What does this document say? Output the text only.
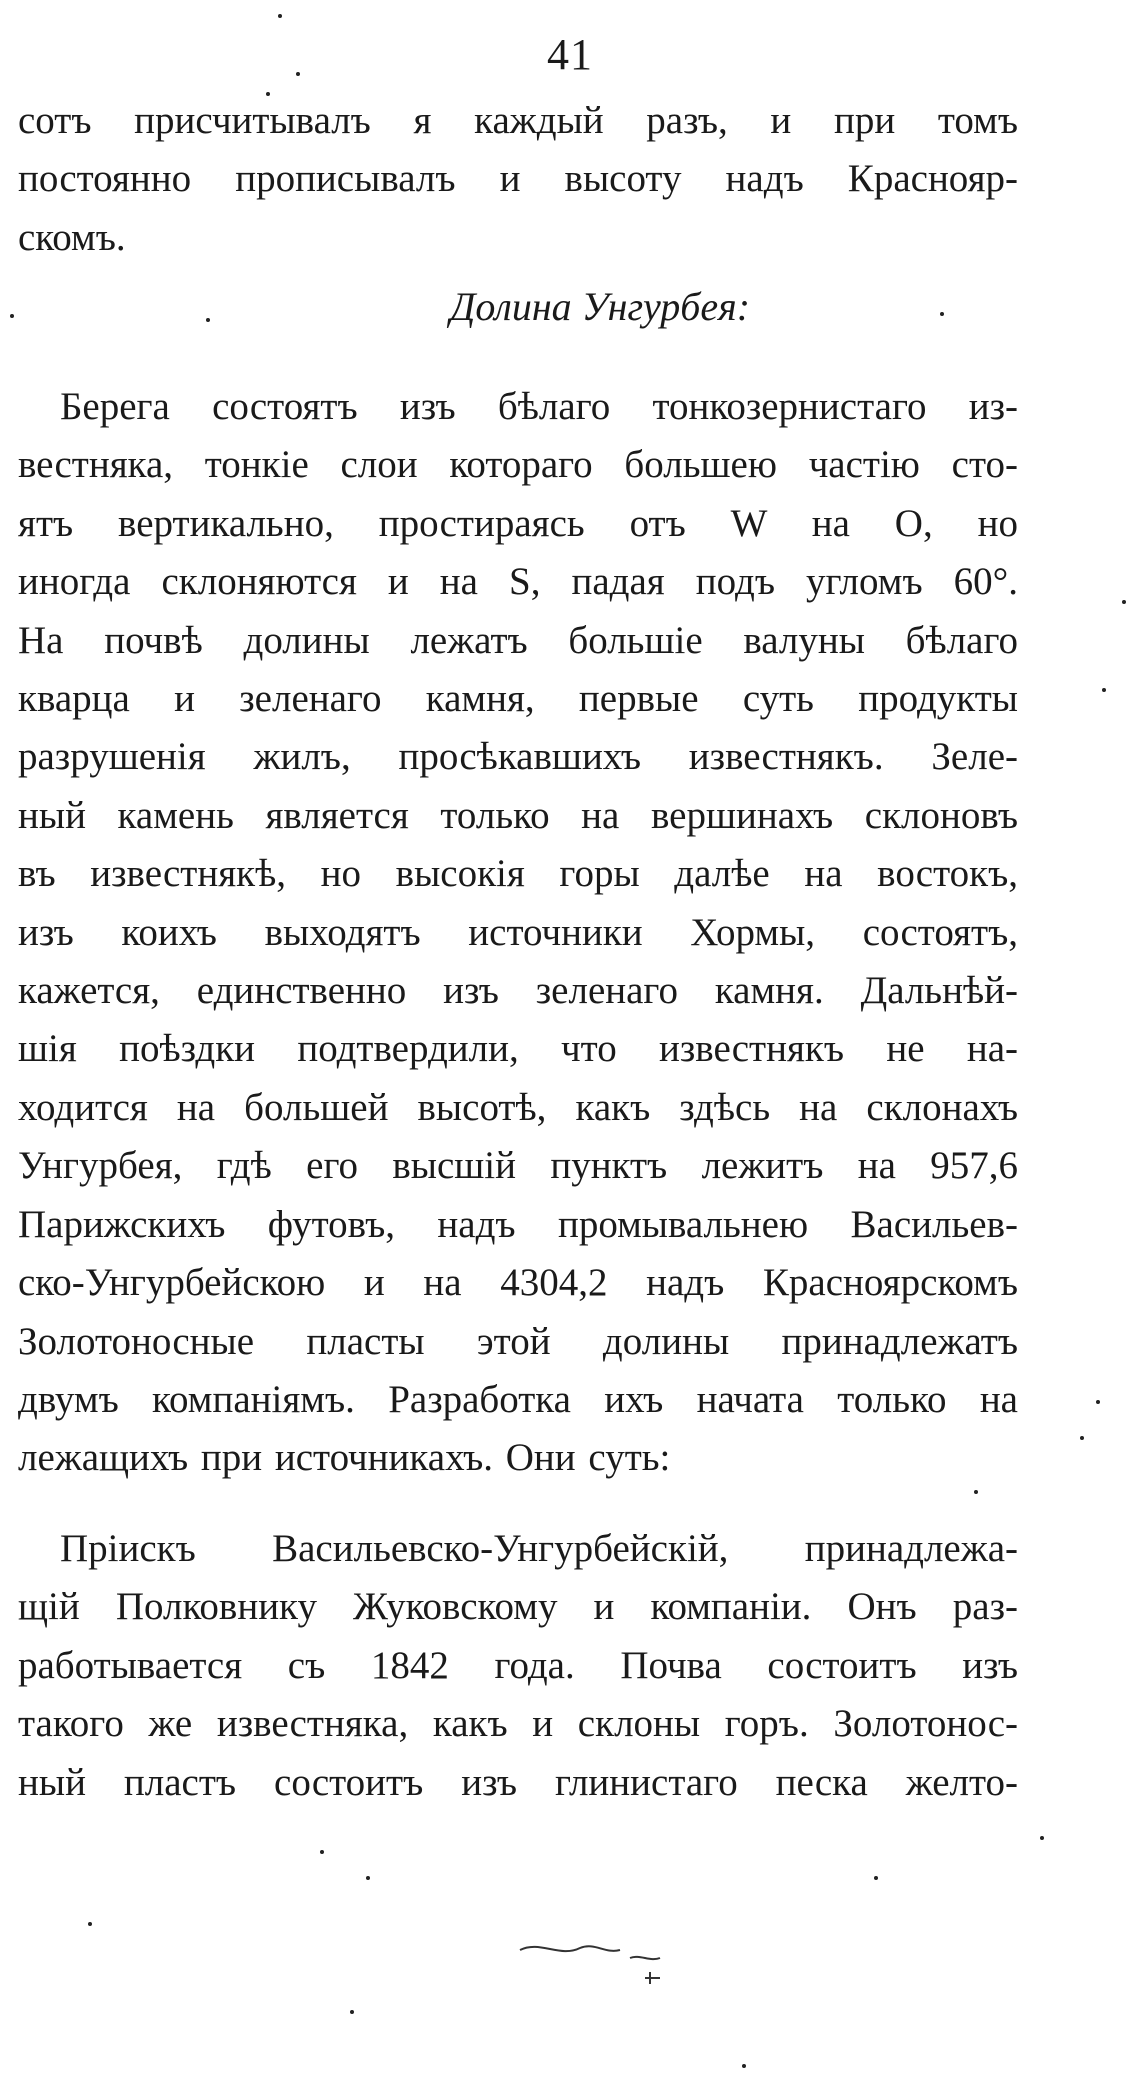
41
сотъ присчитывалъ я каждый разъ, и при томъ
постоянно прописывалъ и высоту надъ Краснояр-
скомъ.
Долина Унгурбея:
Берега состоятъ изъ бѣлаго тонкозернистаго из-
вестняка, тонкіе слои котораго большею частію сто-
ятъ вертикально, простираясь отъ W на O, но
иногда склоняются и на S, падая подъ угломъ 60°.
На почвѣ долины лежатъ большіе валуны бѣлаго
кварца и зеленаго камня, первые суть продукты
разрушенія жилъ, просѣкавшихъ известнякъ. Зеле-
ный камень является только на вершинахъ склоновъ
въ известнякѣ, но высокія горы далѣе на востокъ,
изъ коихъ выходятъ источники Хормы, состоятъ,
кажется, единственно изъ зеленаго камня. Дальнѣй-
шія поѣздки подтвердили, что известнякъ не на-
ходится на большей высотѣ, какъ здѣсь на склонахъ
Унгурбея, гдѣ его высшій пунктъ лежитъ на 957,6
Парижскихъ футовъ, надъ промывальнею Васильев-
ско-Унгурбейскою и на 4304,2 надъ Красноярскомъ
Золотоносные пласты этой долины принадлежатъ
двумъ компаніямъ. Разработка ихъ начата только на
лежащихъ при источникахъ. Они суть:
Пріискъ Васильевско-Унгурбейскій, принадлежа-
щій Полковнику Жуковскому и компаніи. Онъ раз-
работывается съ 1842 года. Почва состоитъ изъ
такого же известняка, какъ и склоны горъ. Золотонос-
ный пластъ состоитъ изъ глинистаго песка желто-
